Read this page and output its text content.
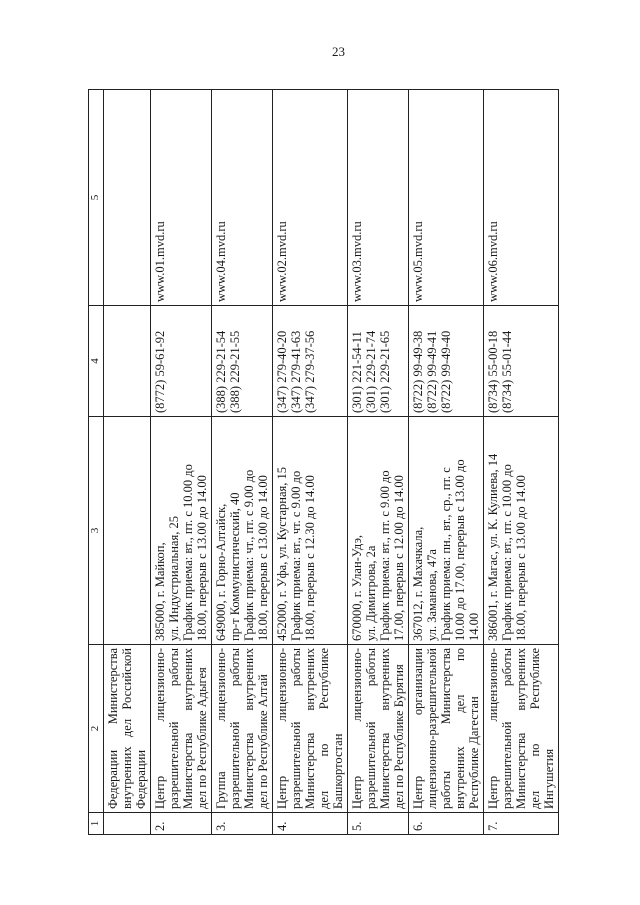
23
1	2	3	4	5
	Федерации Министерства внутренних дел Российской Федерации			
2.	Центр лицензионно-разрешительной работы Министерства внутренних дел по Республике Адыгея	385000, г. Майкоп, ул. Индустриальная, 25 График приема: вт., пт. с 10.00 до 18.00, перерыв с 13.00 до 14.00	(8772) 59-61-92	www.01.mvd.ru
3.	Группа лицензионно-разрешительной работы Министерства внутренних дел по Республике Алтай	649000, г. Горно-Алтайск, пр-т Коммунистический, 40 График приема: чт., пт. с 9.00 до 18.00, перерыв с 13.00 до 14.00	(388) 229-21-54 (388) 229-21-55	www.04.mvd.ru
4.	Центр лицензионно-разрешительной работы Министерства внутренних дел по Республике Башкортостан	452000, г. Уфа, ул. Кустарная, 15 График приема: вт., чт. с 9.00 до 18.00, перерыв с 12.30 до 14.00	(347) 279-40-20 (347) 279-41-63 (347) 279-37-56	www.02.mvd.ru
5.	Центр лицензионно-разрешительной работы Министерства внутренних дел по Республике Бурятия	670000, г. Улан-Удэ, ул. Димитрова, 2а График приема: вт., пт. с 9.00 до 17.00, перерыв с 12.00 до 14.00	(301) 221-54-11 (301) 229-21-74 (301) 229-21-65	www.03.mvd.ru
6.	Центр организации лицензионно-разрешительной работы Министерства внутренних дел по Республике Дагестан	367012, г. Махачкала, ул. Заманова, 47а График приема: пн., вт., ср., пт. с 10.00 до 17.00, перерыв с 13.00 до 14.00	(8722) 99-49-38 (8722) 99-49-41 (8722) 99-49-40	www.05.mvd.ru
7.	Центр лицензионно-разрешительной работы Министерства внутренних дел по Республике Ингушетия	386001, г. Магас, ул. К. Кулиева, 14 График приема: вт., пт. с 10.00 до 18.00, перерыв с 13.00 до 14.00	(8734) 55-00-18 (8734) 55-01-44	www.06.mvd.ru
